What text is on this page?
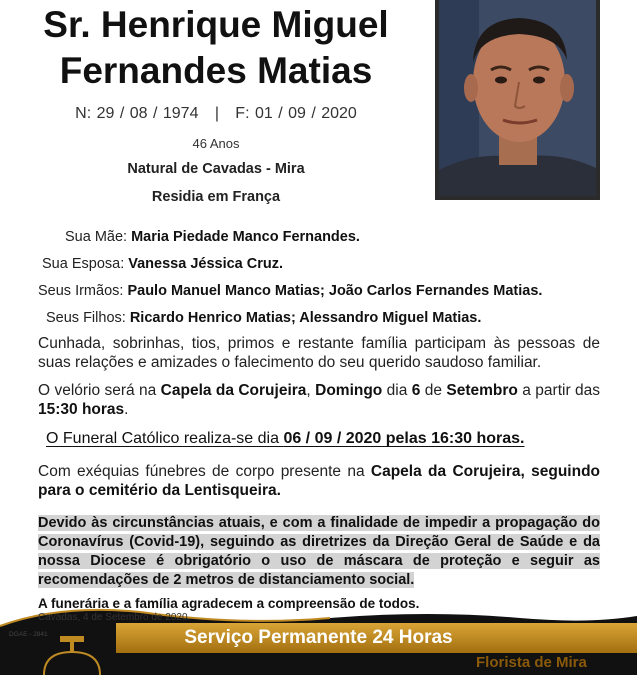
Sr. Henrique Miguel
Fernandes Matias
N: 29 / 08 / 1974   |   F: 01 / 09 / 2020
46 Anos
Natural de Cavadas - Mira
Residia em França
Sua Mãe: Maria Piedade Manco Fernandes.
Sua Esposa: Vanessa Jéssica Cruz.
Seus Irmãos: Paulo Manuel Manco Matias; João Carlos Fernandes Matias.
Seus Filhos: Ricardo Henrico Matias; Alessandro Miguel Matias.
Cunhada, sobrinhas, tios, primos e restante família participam às pessoas de suas relações e amizades o falecimento do seu querido saudoso familiar.
O velório será na Capela da Corujeira, Domingo dia 6 de Setembro a partir das 15:30 horas.
O Funeral Católico realiza-se dia 06 / 09 / 2020 pelas 16:30 horas.
Com exéquias fúnebres de corpo presente na Capela da Corujeira, seguindo para o cemitério da Lentisqueira.
Devido às circunstâncias atuais, e com a finalidade de impedir a propagação do Coronavírus (Covid-19), seguindo as diretrizes da Direção Geral de Saúde e da nossa Diocese é obrigatório o uso de máscara de proteção e seguir as recomendações de 2 metros de distanciamento social.
DGAE - 2841
A funerária e a família agradecem a compreensão de todos.
Cavadas, 4 de Setembro de 2020.
Serviço Permanente 24 Horas
Florista de Mira
